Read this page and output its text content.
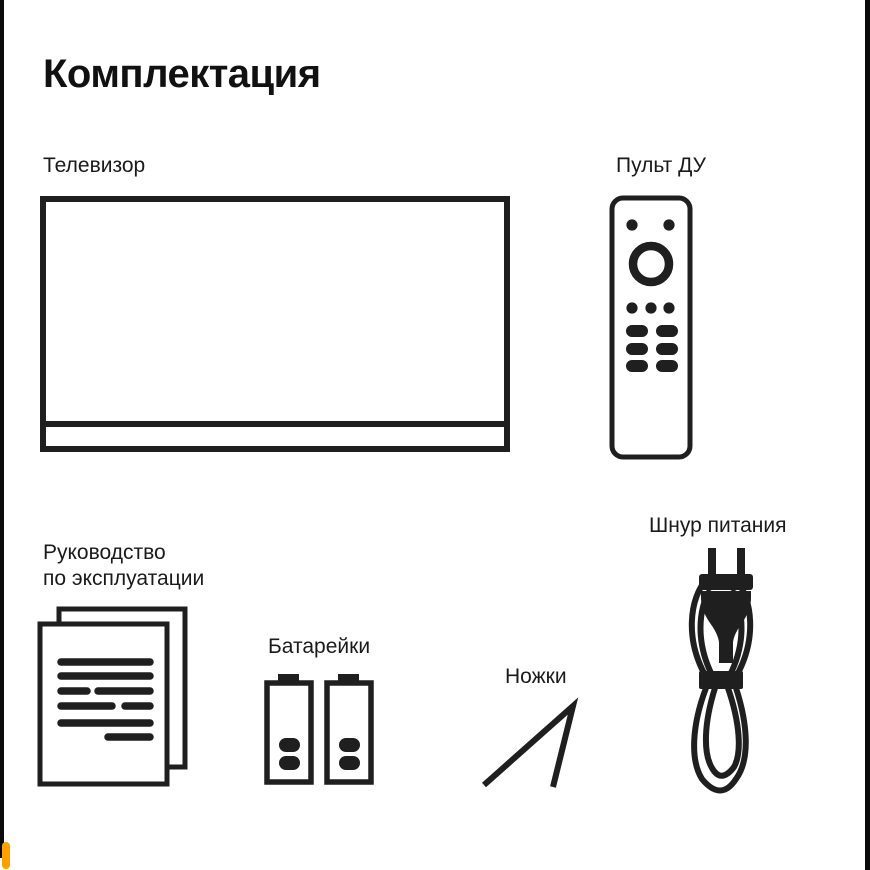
Комплектация
Телевизор	Пульт ДУ
Руководство
по эксплуатации
Батарейки
Ножки
Шнур питания
